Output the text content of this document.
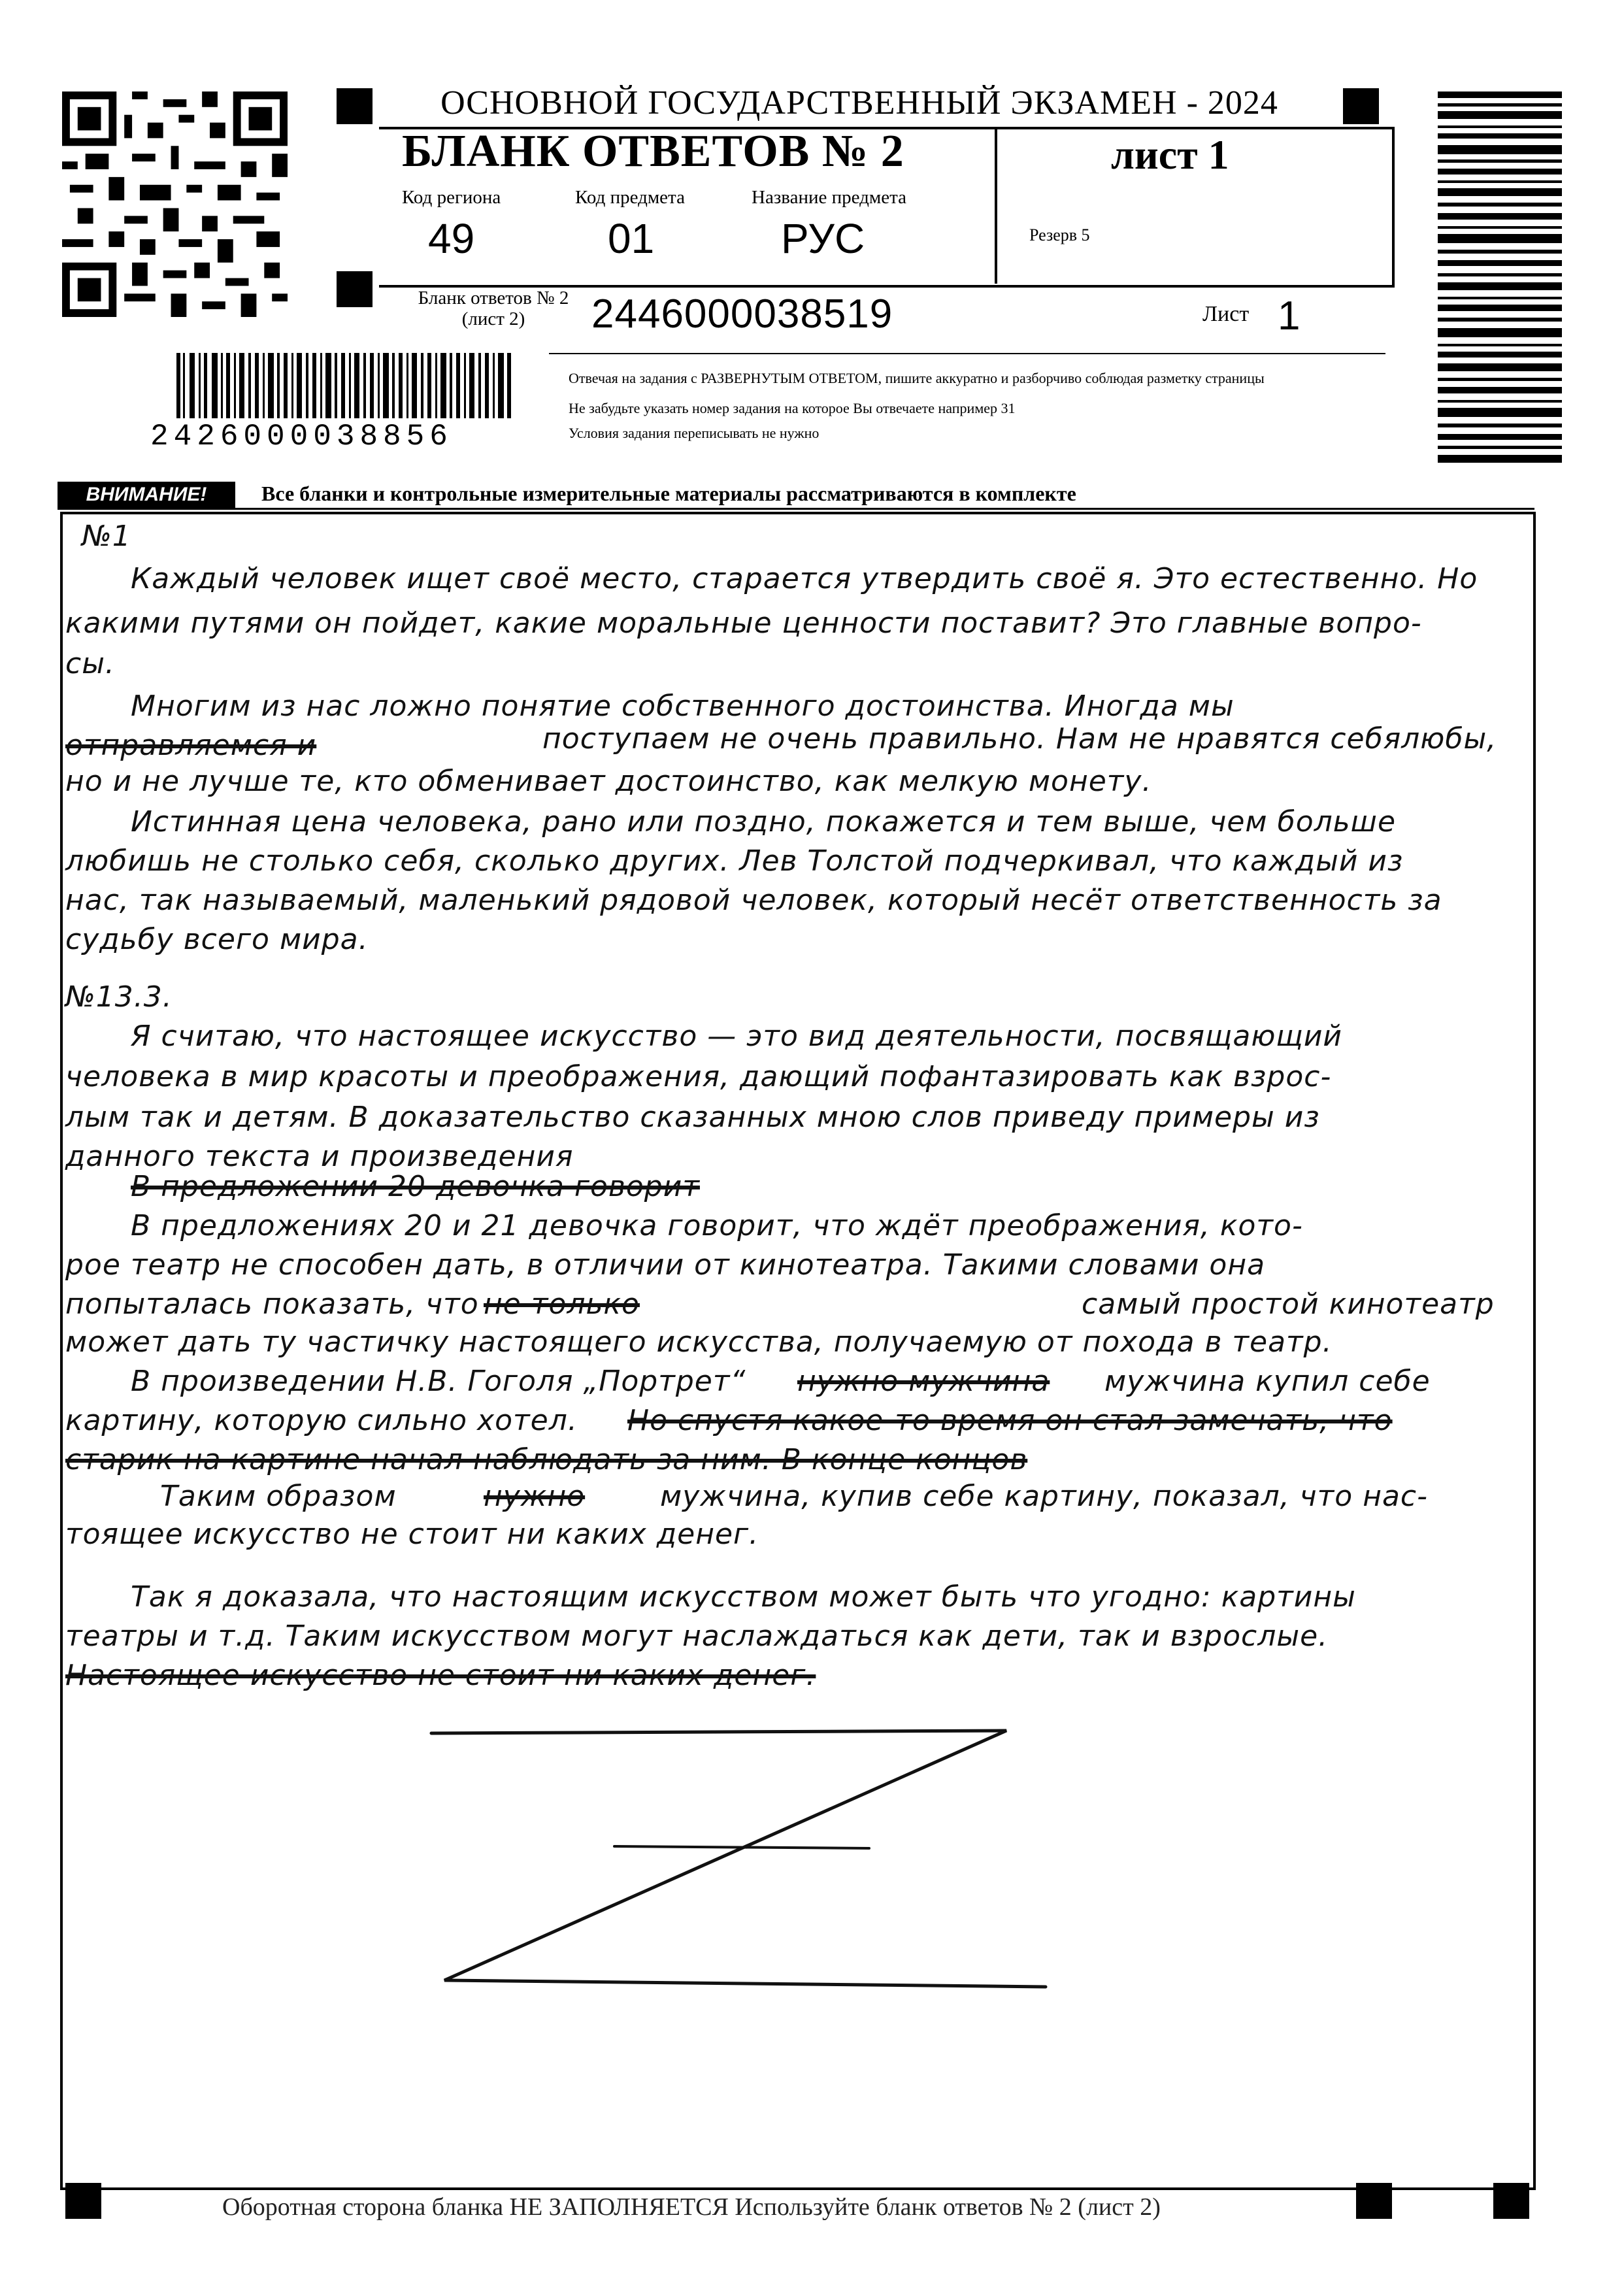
2426000038856
ОСНОВНОЙ ГОСУДАРСТВЕННЫЙ ЭКЗАМЕН - 2024
БЛАНК ОТВЕТОВ № 2	лист 1
Код региона	Код предмета	Название предмета
49	01	РУС	Резерв 5
Бланк ответов № 2 (лист 2)	2446000038519	Лист 1
Отвечая на задания с РАЗВЕРНУТЫМ ОТВЕТОМ, пишите аккуратно и разборчиво соблюдая разметку страницы
Не забудьте указать номер задания на которое Вы отвечаете например 31
Условия задания переписывать не нужно
ВНИМАНИЕ!	Все бланки и контрольные измерительные материалы рассматриваются в комплекте
№1
Каждый человек ищет своё место, старается утвердить своё я. Это естественно. Но
какими путями он пойдет, какие моральные ценности поставит? Это главные вопро-
сы.
Многим из нас ложно понятие собственного достоинства. Иногда мы
отправляемся и	поступаем не очень правильно. Нам не нравятся себялюбы,
но и не лучше те, кто обменивает достоинство, как мелкую монету.
Истинная цена человека, рано или поздно, покажется и тем выше, чем больше
любишь не столько себя, сколько других. Лев Толстой подчеркивал, что каждый из
нас, так называемый, маленький рядовой человек, который несёт ответственность за
судьбу всего мира.
№13.3.
Я считаю, что настоящее искусство — это вид деятельности, посвящающий
человека в мир красоты и преображения, дающий пофантазировать как взрос-
лым так и детям. В доказательство сказанных мною слов приведу примеры из
данного текста и произведения
В предложении 20 девочка говорит
В предложениях 20 и 21 девочка говорит, что ждёт преображения, кото-
рое театр не способен дать, в отличии от кинотеатра. Такими словами она
попыталась показать, что не только	самый простой кинотеатр
может дать ту частичку настоящего искусства, получаемую от похода в театр.
В произведении Н.В. Гоголя „Портрет“ нужно мужчина мужчина купил себе
картину, которую сильно хотел. Но спустя какое-то время он стал замечать, что
старик на картине начал наблюдать за ним. В конце концов
Таким образом	нужно	мужчина, купив себе картину, показал, что нас-
тоящее искусство не стоит ни каких денег.
Так я доказала, что настоящим искусством может быть что угодно: картины
театры и т.д. Таким искусством могут наслаждаться как дети, так и взрослые.
Настоящее искусство не стоит ни каких денег.
Оборотная сторона бланка НЕ ЗАПОЛНЯЕТСЯ Используйте бланк ответов № 2 (лист 2)
